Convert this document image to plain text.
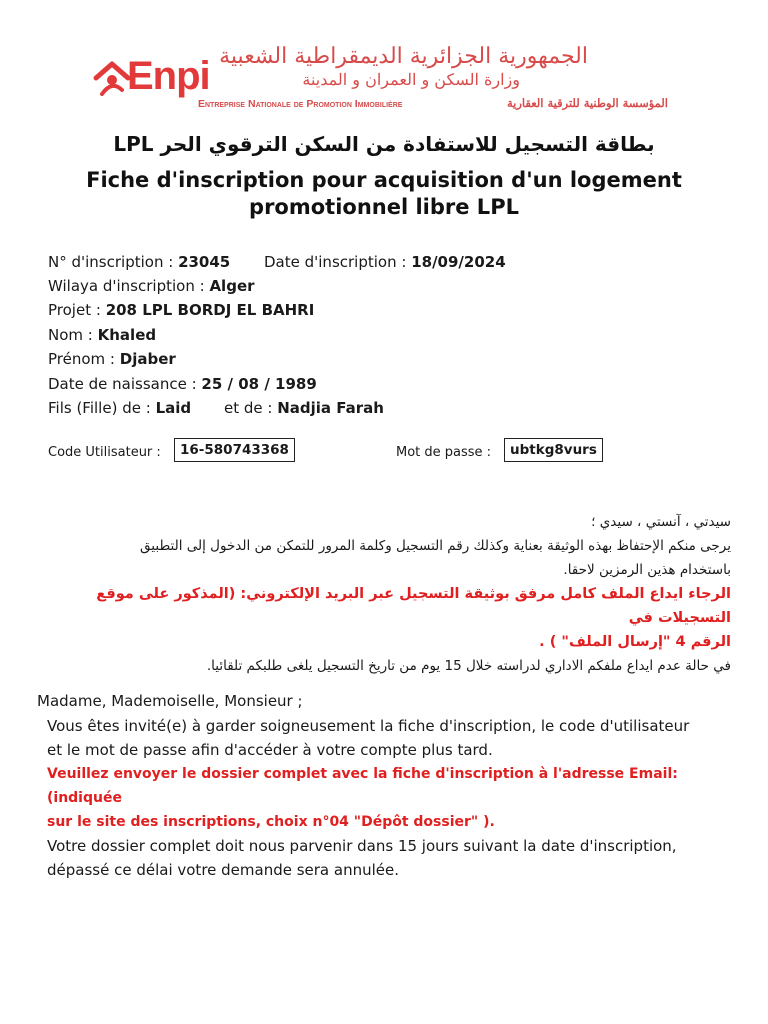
Enpi الجمهورية الجزائرية الديمقراطية الشعبية
وزارة السكن و العمران و المدينة
Entreprise Nationale de Promotion Immobilière	المؤسسة الوطنية للترقية العقارية
بطاقة التسجيل للاستفادة من السكن الترقوي الحر LPL
Fiche d'inscription pour acquisition d'un logement
promotionnel libre LPL
N° d'inscription : 23045 Date d'inscription : 18/09/2024
Wilaya d'inscription : Alger
Projet : 208 LPL BORDJ EL BAHRI
Nom : Khaled
Prénom : Djaber
Date de naissance : 25 / 08 / 1989
Fils (Fille) de : Laid et de : Nadjia Farah
Code Utilisateur :	16-580743368	Mot de passe :	ubtkg8vurs
سيدتي ، آنستي ، سيدي ؛
يرجى منكم الإحتفاظ بهذه الوثيقة بعناية وكذلك رقم التسجيل وكلمة المرور للتمكن من الدخول إلى التطبيق
باستخدام هذين الرمزين لاحقا.
الرجاء ايداع الملف كامل مرفق بوثيقة التسجيل عبر البريد الإلكتروني: (المذكور على موقع التسجيلات في
الرقم 4 "إرسال الملف" ) .
في حالة عدم ايداع ملفكم الاداري لدراسته خلال 15 يوم من تاريخ التسجيل يلغى طلبكم تلقائيا.
Madame, Mademoiselle, Monsieur ;
Vous êtes invité(e) à garder soigneusement la fiche d'inscription, le code d'utilisateur
et le mot de passe afin d'accéder à votre compte plus tard.
Veuillez envoyer le dossier complet avec la fiche d'inscription à l'adresse Email: (indiquée
sur le site des inscriptions, choix n°04 "Dépôt dossier" ).
Votre dossier complet doit nous parvenir dans 15 jours suivant la date d'inscription,
dépassé ce délai votre demande sera annulée.
